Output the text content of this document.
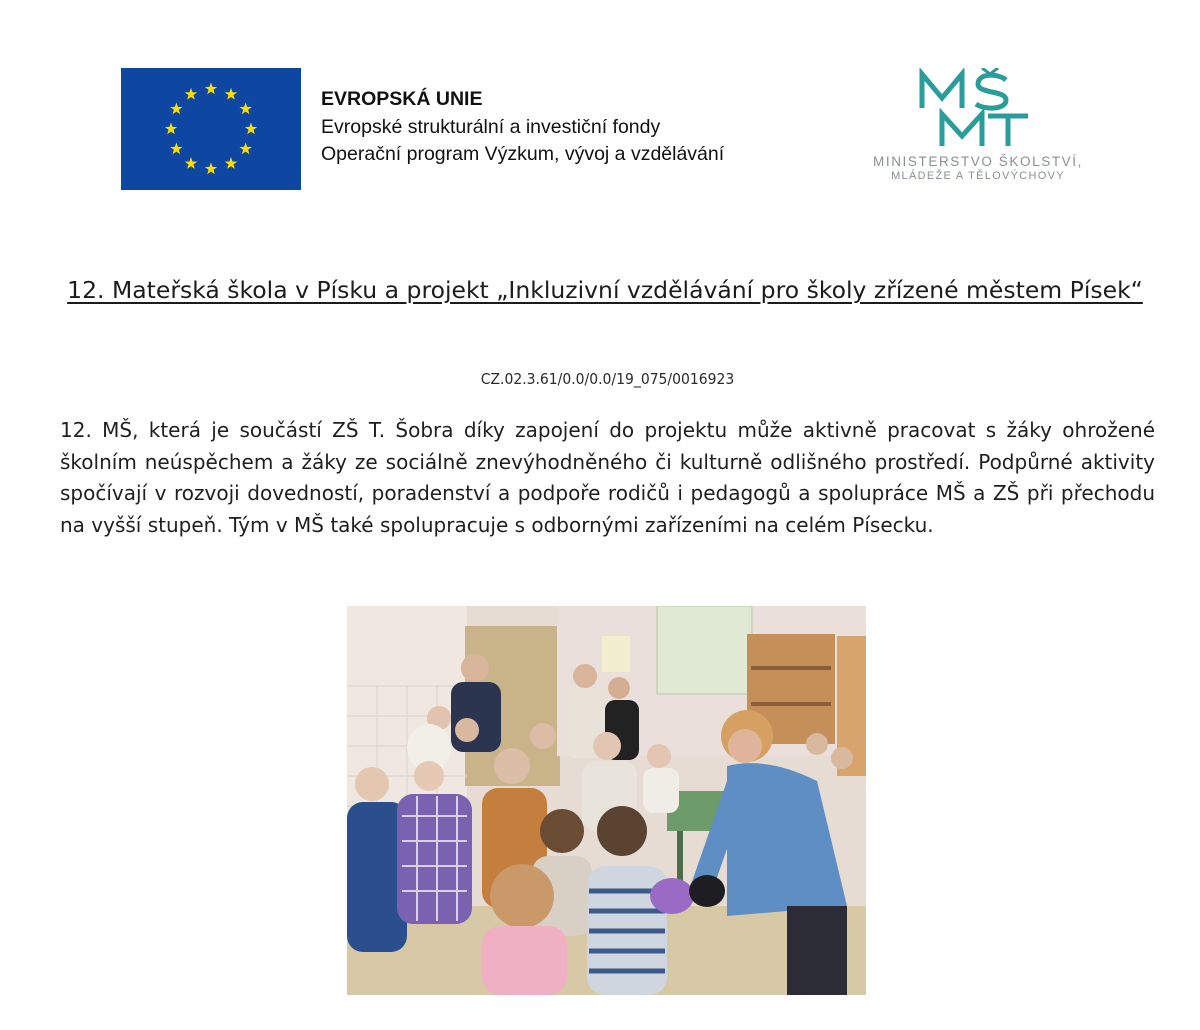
EVROPSKÁ UNIE
Evropské strukturální a investiční fondy
Operační program Výzkum, vývoj a vzdělávání	MINISTERSTVO ŠKOLSTVÍ,
MLÁDEŽE A TĚLOVÝCHOVY
12. Mateřská škola v Písku a projekt „Inkluzivní vzdělávání pro školy zřízené městem Písek“
CZ.02.3.61/0.0/0.0/19_075/0016923
12. MŠ, která je součástí ZŠ T. Šobra díky zapojení do projektu může aktivně pracovat s žáky ohrožené školním neúspěchem a žáky ze sociálně znevýhodněného či kulturně odlišného prostředí. Podpůrné aktivity spočívají v rozvoji dovedností, poradenství a podpoře rodičů i pedagogů a spolupráce MŠ a ZŠ při přechodu na vyšší stupeň. Tým v MŠ také spolupracuje s odbornými zařízeními na celém Písecku.
